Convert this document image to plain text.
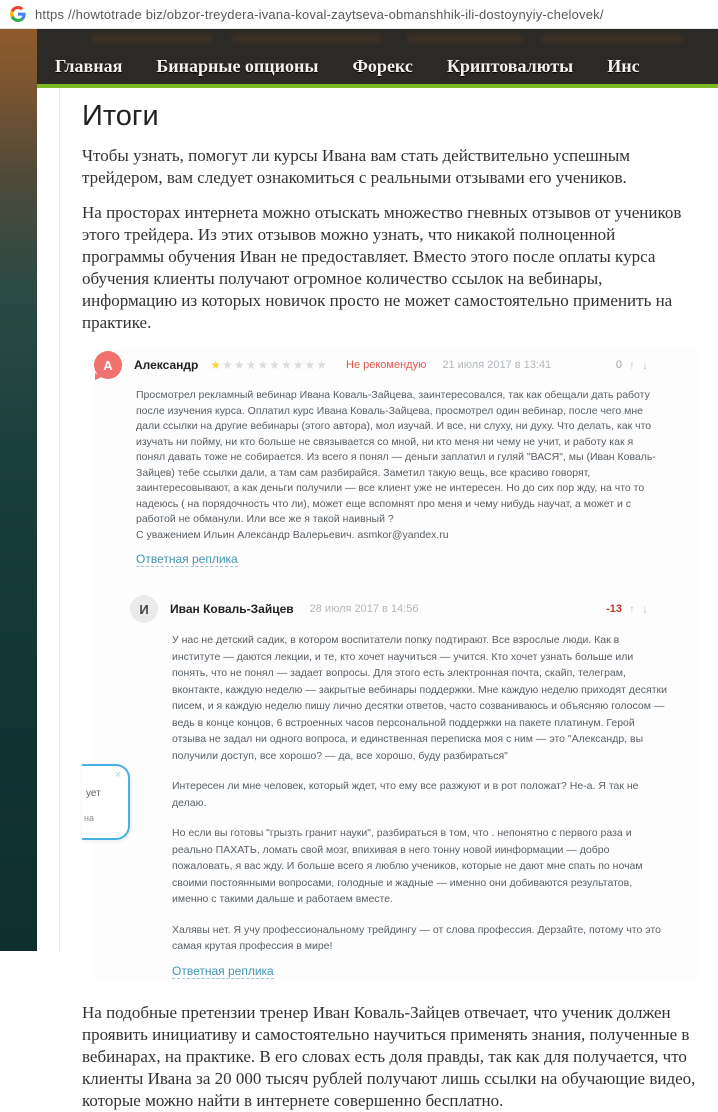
https //howtotrade biz/obzor-treydera-ivana-koval-zaytseva-obmanshhik-ili-dostoynyiy-chelovek/
Главная Бинарные опционы Форекс Криптовалюты Инс
Итоги

Чтобы узнать, помогут ли курсы Ивана вам стать действительно успешным трейдером, вам следует ознакомиться с реальными отзывами его учеников.

На просторах интернета можно отыскать множество гневных отзывов от учеников этого трейдера. Из этих отзывов можно узнать, что никакой полноценной программы обучения Иван не предоставляет. Вместо этого после оплаты курса обучения клиенты получают огромное количество ссылок на вебинары, информацию из которых новичок просто не может самостоятельно применить на практике.

А	Александр ★★★★★★★★★★ Не рекомендую 21 июля 2017 в 13:41	0 ↑ ↓

Просмотрел рекламный вебинар Ивана Коваль-Зайцева, заинтересовался, так как обещали дать работу после изучения курса. Оплатил курс Ивана Коваль-Зайцева, просмотрел один вебинар, после чего мне дали ссылки на другие вебинары (этого автора), мол изучай. И все, ни слуху, ни духу. Что делать, как что изучать ни пойму, ни кто больше не связывается со мной, ни кто меня ни чему не учит, и работу как я понял давать тоже не собирается. Из всего я понял — деньги заплатил и гуляй "ВАСЯ", мы (Иван Коваль-Зайцев) тебе ссылки дали, а там сам разбирайся. Заметил такую вещь, все красиво говорят, заинтересовывают, а как деньги получили — все клиент уже не интересен. Но до сих пор жду, на что то надеюсь ( на порядочность что ли), может еще вспомнят про меня и чему нибудь научат, а может и с работой не обманули. Или все же я такой наивный ?

С уважением Ильин Александр Валерьевич. asmkor@yandex.ru

Ответная реплика
И	Иван Коваль-Зайцев 28 июля 2017 в 14:56	-13 ↑ ↓

У нас не детский садик, в котором воспитатели попку подтирают. Все взрослые люди. Как в институте — даются лекции, и те, кто хочет научиться — учится. Кто хочет узнать больше или понять, что не понял — задает вопросы. Для этого есть электронная почта, скайп, телеграм, вконтакте, каждую неделю — закрытые вебинары поддержки. Мне каждую неделю приходят десятки писем, и я каждую неделю пишу лично десятки ответов, часто созваниваюсь и объясняю голосом — ведь в конце концов, 6 встроенных часов персональной поддержки на пакете платинум. Герой отзыва не задал ни одного вопроса, и единственная переписка моя с ним — это "Александр, вы получили доступ, все хорошо? — да, все хорошо, буду разбираться"

Интересен ли мне человек, который ждет, что ему все разжуют и в рот положат? Не-а. Я так не делаю.

Но если вы готовы "грызть гранит науки", разбираться в том, что . непонятно с первого раза и реально ПАХАТЬ, ломать свой мозг, впихивая в него тонну новой иинформации — добро пожаловать, я вас жду. И больше всего я люблю учеников, которые не дают мне спать по ночам своими постоянными вопросами, голодные и жадные — именно они добиваются результатов, именно с такими дальше и работаем вместе.

Халявы нет. Я учу профессиональному трейдингу — от слова профессия. Дерзайте, потому что это самая крутая профессия в мире!

Ответная реплика

На подобные претензии тренер Иван Коваль-Зайцев отвечает, что ученик должен проявить инициативу и самостоятельно научиться применять знания, полученные в вебинарах, на практике. В его словах есть доля правды, так как для получается, что клиенты Ивана за 20 000 тысяч рублей получают лишь ссылки на обучающие видео, которые можно найти в интернете совершенно бесплатно.

×
ует
на
